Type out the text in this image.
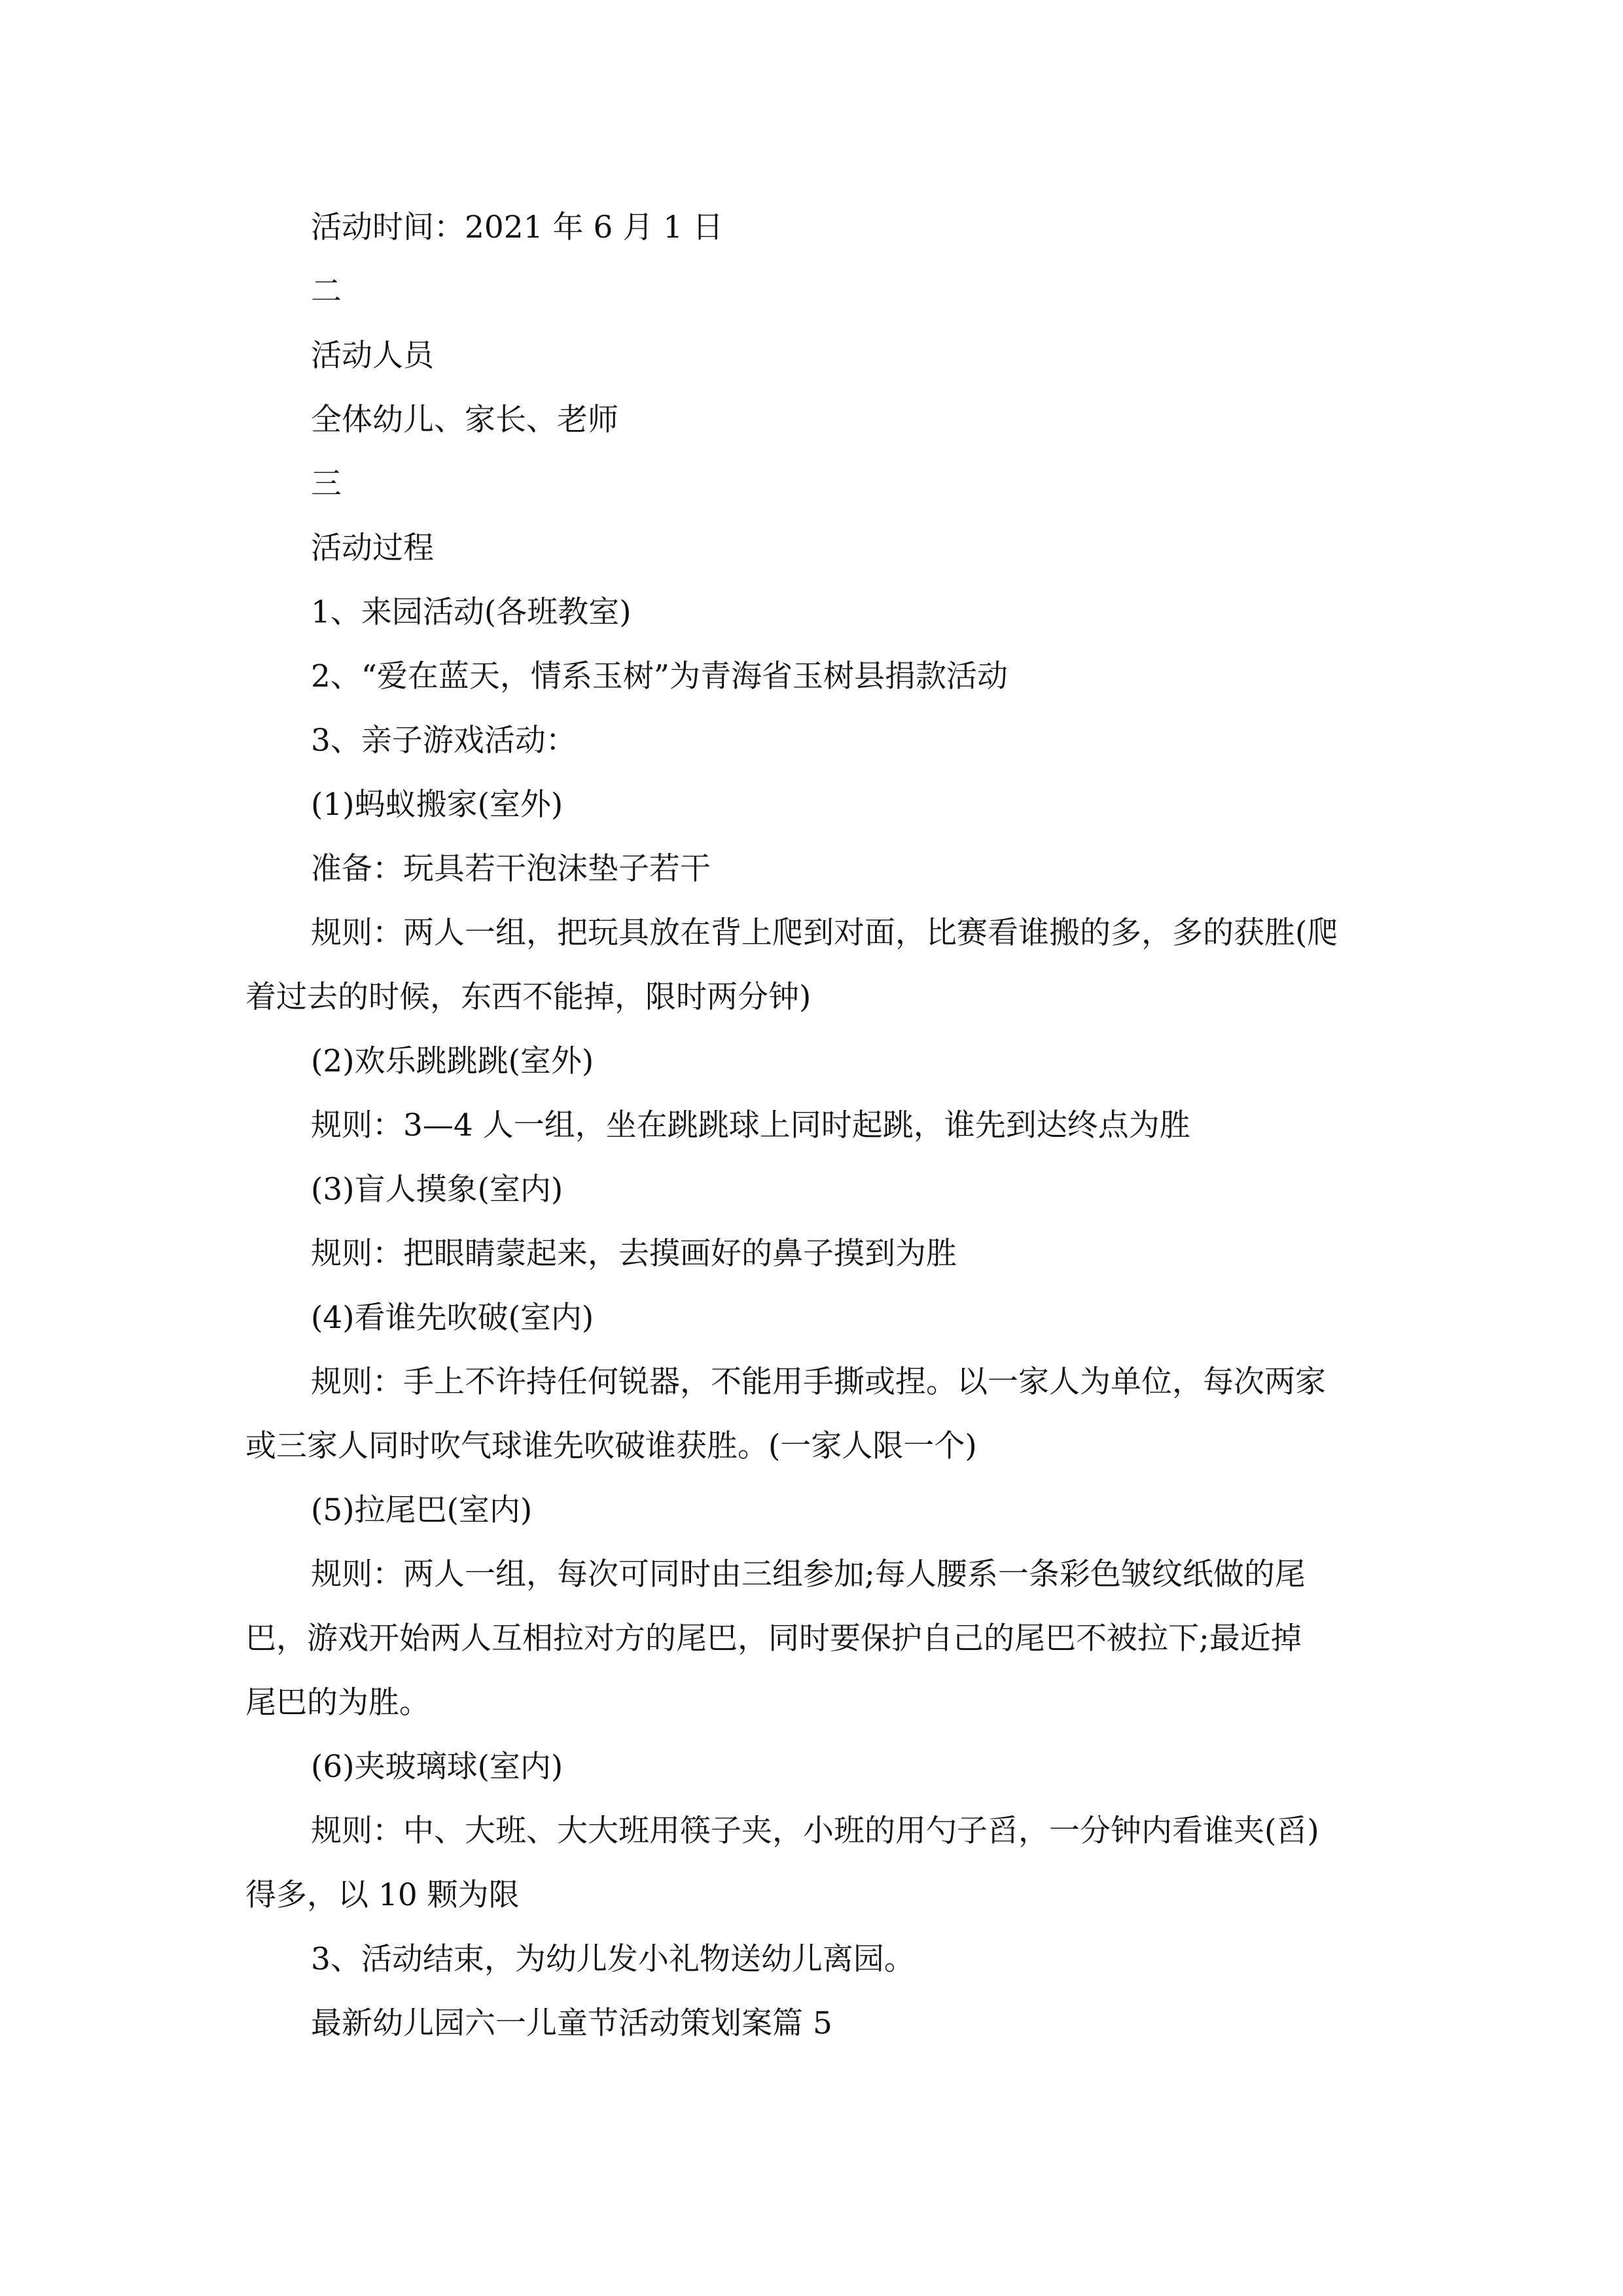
活动时间：2021 年 6 月 1 日

二

活动人员

全体幼儿、家长、老师

三

活动过程

1、来园活动(各班教室)

2、“爱在蓝天，情系玉树”为青海省玉树县捐款活动

3、亲子游戏活动：

(1)蚂蚁搬家(室外)

准备：玩具若干泡沫垫子若干

规则：两人一组，把玩具放在背上爬到对面，比赛看谁搬的多，多的获胜(爬

着过去的时候，东西不能掉，限时两分钟)

(2)欢乐跳跳跳(室外)

规则：3—4 人一组，坐在跳跳球上同时起跳，谁先到达终点为胜

(3)盲人摸象(室内)

规则：把眼睛蒙起来，去摸画好的鼻子摸到为胜

(4)看谁先吹破(室内)

规则：手上不许持任何锐器，不能用手撕或捏。以一家人为单位，每次两家

或三家人同时吹气球谁先吹破谁获胜。(一家人限一个)

(5)拉尾巴(室内)

规则：两人一组，每次可同时由三组参加;每人腰系一条彩色皱纹纸做的尾

巴，游戏开始两人互相拉对方的尾巴，同时要保护自己的尾巴不被拉下;最近掉

尾巴的为胜。

(6)夹玻璃球(室内)

规则：中、大班、大大班用筷子夹，小班的用勺子舀，一分钟内看谁夹(舀)

得多，以 10 颗为限

3、活动结束，为幼儿发小礼物送幼儿离园。

最新幼儿园六一儿童节活动策划案篇 5
